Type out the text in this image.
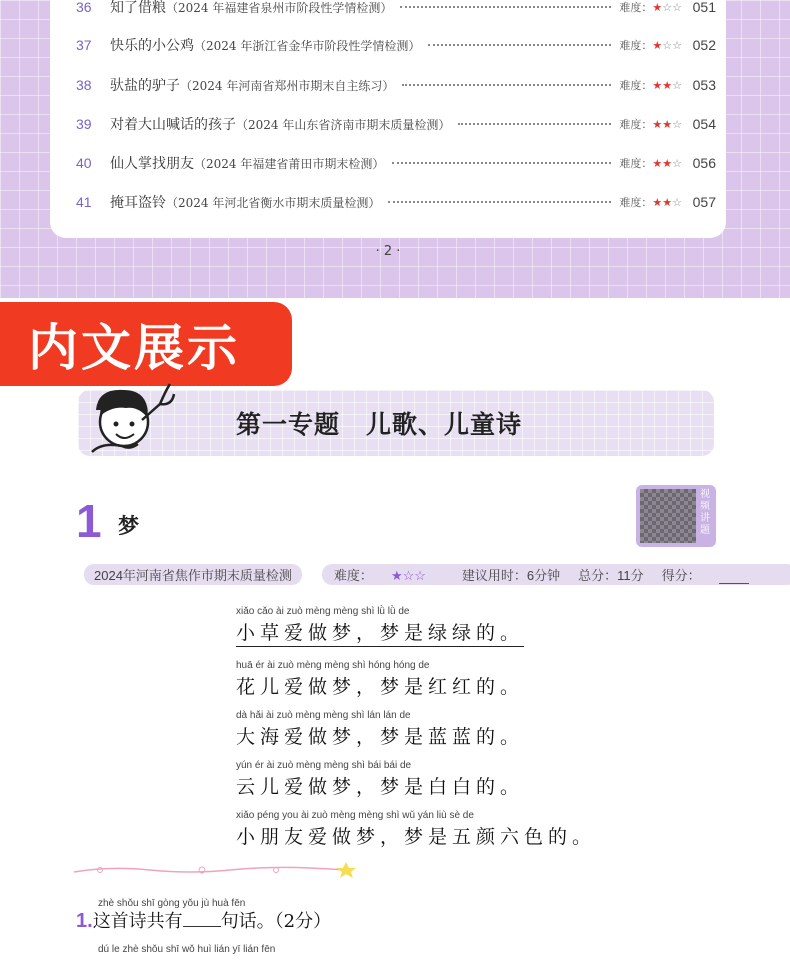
36	知了借粮 （2024 年福建省泉州市阶段性学情检测）	难度：★☆☆ 051
37	快乐的小公鸡 （2024 年浙江省金华市阶段性学情检测）	难度：★☆☆ 052
38	驮盐的驴子 （2024 年河南省郑州市期末自主练习）	难度：★★☆ 053
39	对着大山喊话的孩子 （2024 年山东省济南市期末质量检测）	难度：★★☆ 054
40	仙人掌找朋友 （2024 年福建省莆田市期末检测）	难度：★★☆ 056
41	掩耳盗铃 （2024 年河北省衡水市期末质量检测）	难度：★★☆ 057
· 2 ·
内文展示
第一专题　儿歌、儿童诗
1 梦
视频讲题
2024年河南省焦作市期末质量检测	难度： ★☆☆	建议用时：6分钟 总分：11分 得分：
xiǎo cǎo ài zuò mèng mèng shì lǜ lǜ de
小草爱做梦，梦是绿绿的。
huā ér ài zuò mèng mèng shì hóng hóng de
花儿爱做梦，梦是红红的。
dà hǎi ài zuò mèng mèng shì lán lán de
大海爱做梦，梦是蓝蓝的。
yún ér ài zuò mèng mèng shì bái bái de
云儿爱做梦，梦是白白的。
xiǎo péng you ài zuò mèng mèng shì wǔ yán liù sè de
小朋友爱做梦，梦是五颜六色的。
zhè shǒu shī gòng yǒu jù huà fēn
1.这首诗共有 句话。（2分）
dú le zhè shǒu shī wǒ huì lián yī lián fēn
